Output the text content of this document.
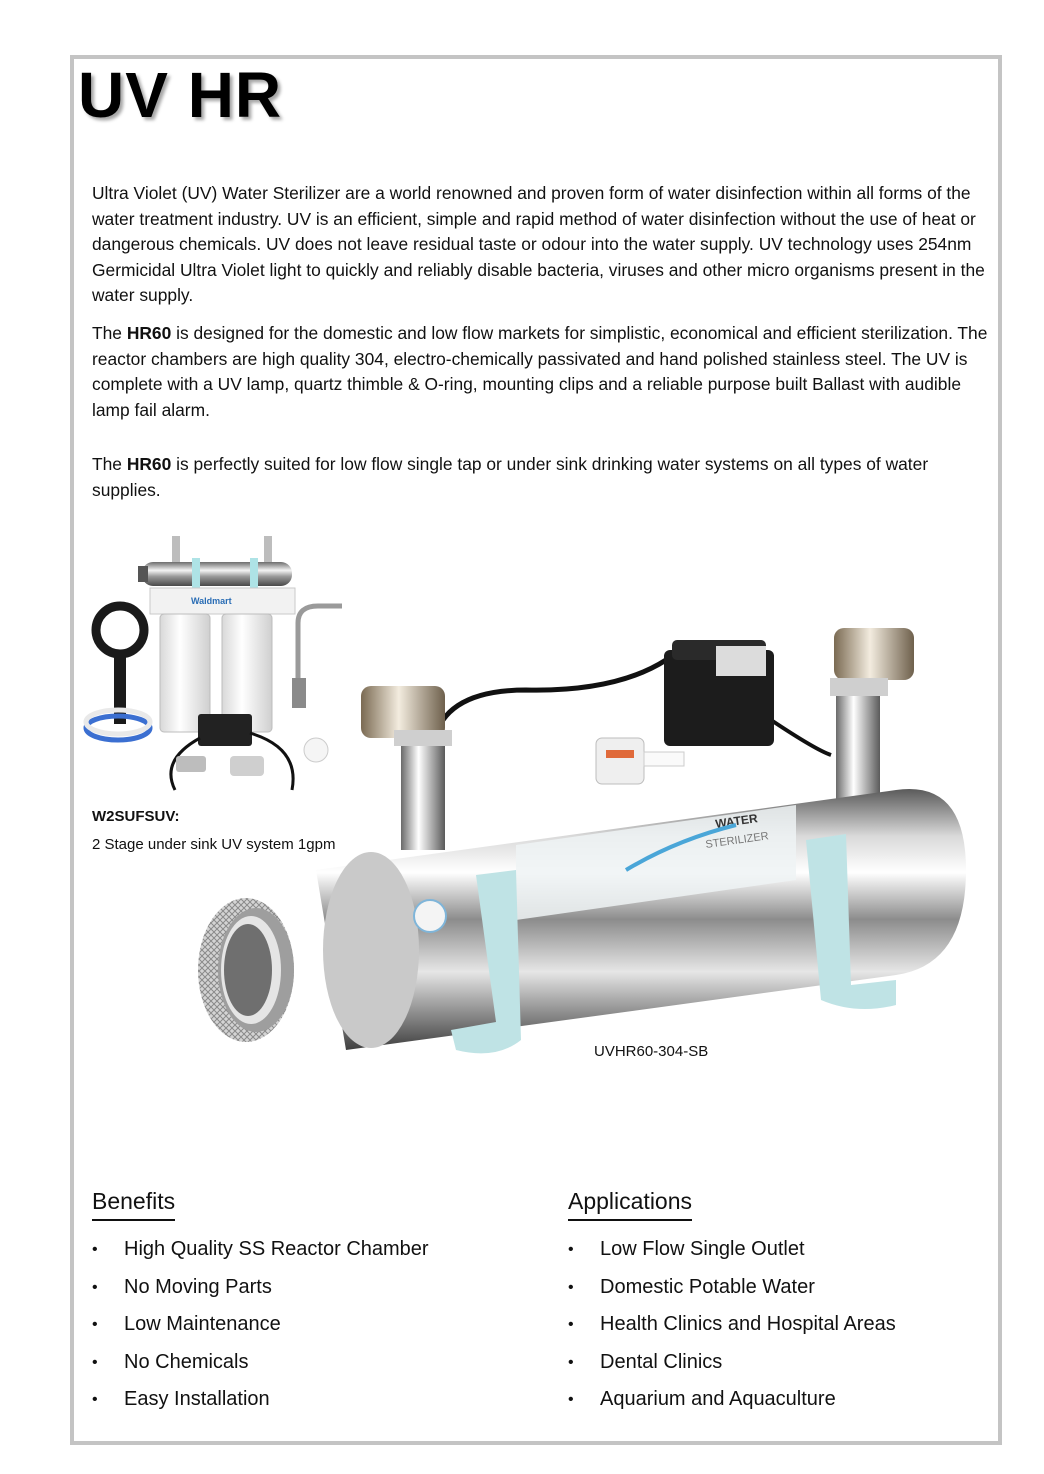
UV HR

Ultra Violet (UV) Water Sterilizer are a world renowned and proven form of water disinfection within all forms of the water treatment industry. UV is an efficient, simple and rapid method of water disinfection without the use of heat or dangerous chemicals. UV does not leave residual taste or odour into the water supply. UV technology uses 254nm Germicidal Ultra Violet light to quickly and reliably disable bacteria, viruses and other micro organisms present in the water supply.

The HR60 is designed for the domestic and low flow markets for simplistic, economical and efficient sterilization. The reactor chambers are high quality 304, electro-chemically passivated and hand polished stainless steel. The UV is complete with a UV lamp, quartz thimble & O-ring, mounting clips and a reliable purpose built Ballast with audible lamp fail alarm.

The HR60 is perfectly suited for low flow single tap or under sink drinking water systems on all types of water supplies.

Waldmart

W2SUFSUV:

2 Stage under sink UV system 1gpm

WATER
STERILIZER

UVHR60-304-SB

Benefits
• High Quality SS Reactor Chamber
• No Moving Parts
• Low Maintenance
• No Chemicals
• Easy Installation
Applications
• Low Flow Single Outlet
• Domestic Potable Water
• Health Clinics and Hospital Areas
• Dental Clinics
• Aquarium and Aquaculture
